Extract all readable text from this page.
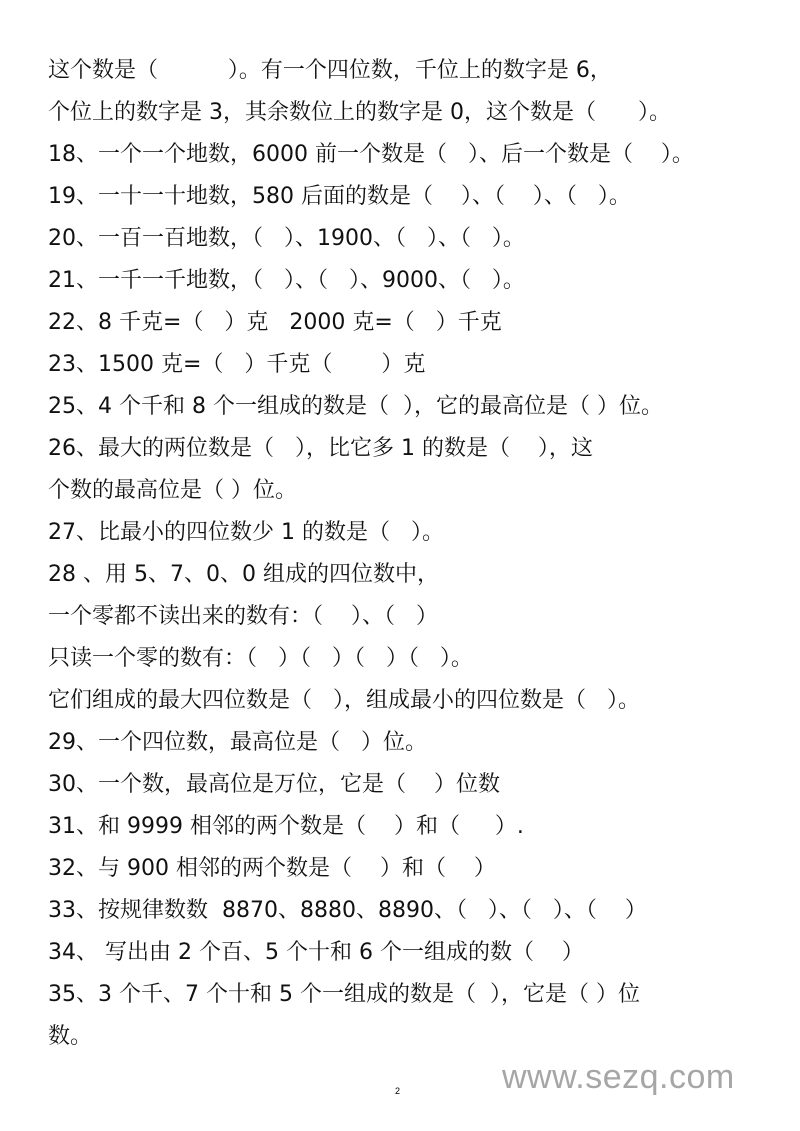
这个数是（          ）。有一个四位数，千位上的数字是 6，
个位上的数字是 3，其余数位上的数字是 0，这个数是（      ）。
18、一个一个地数，6000 前一个数是（   ）、后一个数是（    ）。
19、一十一十地数，580 后面的数是（    ）、（    ）、（   ）。
20、一百一百地数，（   ）、1900、（   ）、（   ）。
21、一千一千地数，（   ）、（   ）、9000、（   ）。
22、8 千克=（   ）克   2000 克=（   ）千克
23、1500 克=（   ）千克（       ）克
25、4 个千和 8 个一组成的数是（  ），它的最高位是（ ）位。
26、最大的两位数是（   ），比它多 1 的数是（    ），这
个数的最高位是（ ）位。
27、比最小的四位数少 1 的数是（   ）。
28 、用 5、7、0、0 组成的四位数中，
一个零都不读出来的数有：（    ）、（   ）
只读一个零的数有：（   ）（   ）（   ）（   ）。
它们组成的最大四位数是（   ），组成最小的四位数是（   ）。
29、一个四位数，最高位是（   ）位。
30、一个数，最高位是万位，它是（    ）位数
31、和 9999 相邻的两个数是（    ）和（     ）.
32、与 900 相邻的两个数是（    ）和（    ）
33、按规律数数  8870、8880、8890、（   ）、（   ）、（    ）
34、 写出由 2 个百、5 个十和 6 个一组成的数（    ）
35、3 个千、7 个十和 5 个一组成的数是（  ），它是（ ）位
数。
2	www.sezq.com
